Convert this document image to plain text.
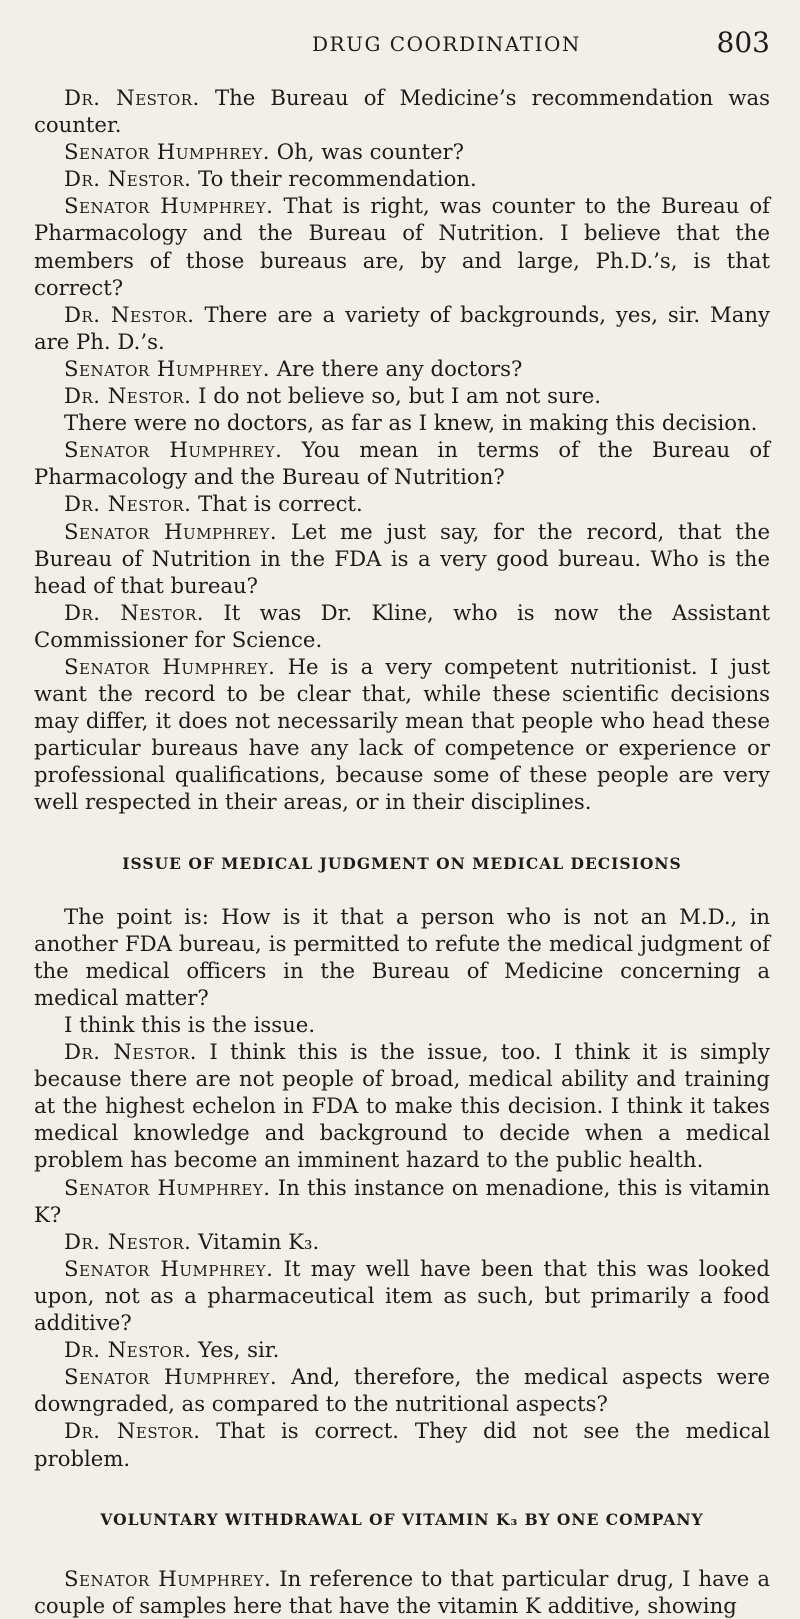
DRUG COORDINATION	803

Dr. Nestor. The Bureau of Medicine’s recommendation was counter.

Senator Humphrey. Oh, was counter?

Dr. Nestor. To their recommendation.

Senator Humphrey. That is right, was counter to the Bureau of Pharmacology and the Bureau of Nutrition. I believe that the members of those bureaus are, by and large, Ph.D.’s, is that correct?

Dr. Nestor. There are a variety of backgrounds, yes, sir. Many are Ph. D.’s.

Senator Humphrey. Are there any doctors?

Dr. Nestor. I do not believe so, but I am not sure.

There were no doctors, as far as I knew, in making this decision.

Senator Humphrey. You mean in terms of the Bureau of Pharmacology and the Bureau of Nutrition?

Dr. Nestor. That is correct.

Senator Humphrey. Let me just say, for the record, that the Bureau of Nutrition in the FDA is a very good bureau. Who is the head of that bureau?

Dr. Nestor. It was Dr. Kline, who is now the Assistant Commissioner for Science.

Senator Humphrey. He is a very competent nutritionist. I just want the record to be clear that, while these scientific decisions may differ, it does not necessarily mean that people who head these particular bureaus have any lack of competence or experience or professional qualifications, because some of these people are very well respected in their areas, or in their disciplines.

ISSUE OF MEDICAL JUDGMENT ON MEDICAL DECISIONS

The point is: How is it that a person who is not an M.D., in another FDA bureau, is permitted to refute the medical judgment of the medical officers in the Bureau of Medicine concerning a medical matter?

I think this is the issue.

Dr. Nestor. I think this is the issue, too. I think it is simply because there are not people of broad, medical ability and training at the highest echelon in FDA to make this decision. I think it takes medical knowledge and background to decide when a medical problem has become an imminent hazard to the public health.

Senator Humphrey. In this instance on menadione, this is vitamin K?

Dr. Nestor. Vitamin K₃.

Senator Humphrey. It may well have been that this was looked upon, not as a pharmaceutical item as such, but primarily a food additive?

Dr. Nestor. Yes, sir.

Senator Humphrey. And, therefore, the medical aspects were downgraded, as compared to the nutritional aspects?

Dr. Nestor. That is correct. They did not see the medical problem.

VOLUNTARY WITHDRAWAL OF VITAMIN K₃ BY ONE COMPANY

Senator Humphrey. In reference to that particular drug, I have a couple of samples here that have the vitamin K additive, showing
